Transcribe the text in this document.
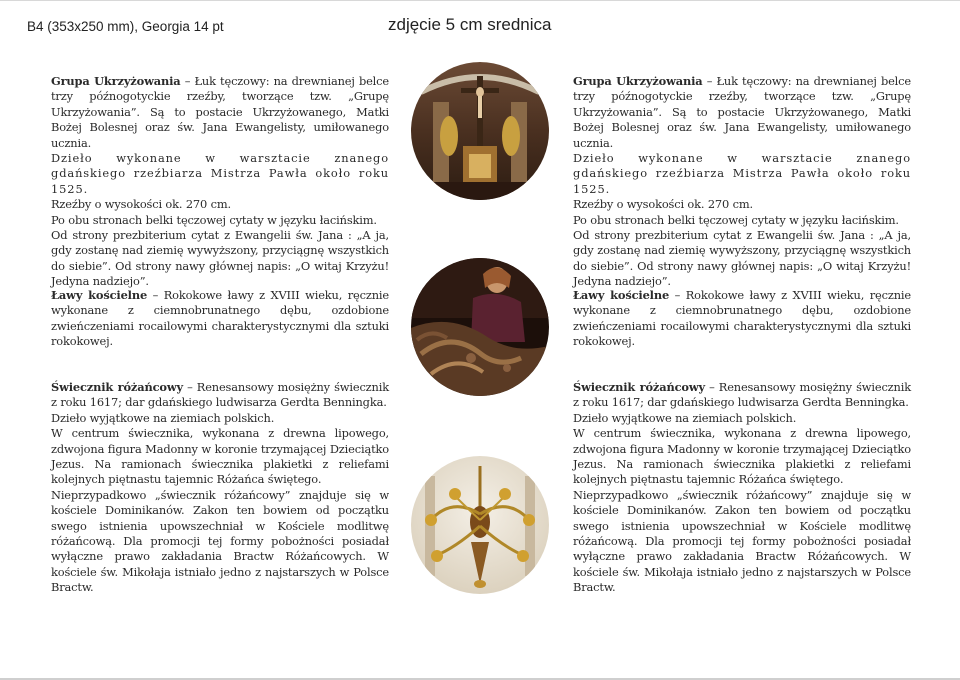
B4 (353x250 mm), Georgia 14 pt	zdjęcie 5 cm srednica

Grupa Ukrzyżowania – Łuk tęczowy: na drewnianej belce trzy późnogotyckie rzeźby, tworzące tzw. „Grupę Ukrzyżowania”. Są to postacie Ukrzyżowanego, Matki Bożej Bolesnej oraz św. Jana Ewangelisty, umiłowanego ucznia.

Dzieło wykonane w warsztacie znanego gdańskiego rzeźbiarza Mistrza Pawła około roku 1525.

Rzeźby o wysokości ok. 270 cm.

Po obu stronach belki tęczowej cytaty w języku łacińskim.

Od strony prezbiterium cytat z Ewangelii św. Jana : „A ja, gdy zostanę nad ziemię wywyższony, przyciągnę wszystkich do siebie”. Od strony nawy głównej napis: „O witaj Krzyżu! Jedyna nadziejo”.

Ławy kościelne – Rokokowe ławy z XVIII wieku, ręcznie wykonane z ciemnobrunatnego dębu, ozdobione zwieńczeniami rocailowymi charakterystycznymi dla sztuki rokokowej.

Świecznik różańcowy – Renesansowy mosiężny świecznik z roku 1617; dar gdańskiego ludwisarza Gerdta Benningka.

Dzieło wyjątkowe na ziemiach polskich.

W centrum świecznika, wykonana z drewna lipowego, zdwojona figura Madonny w koronie trzymającej Dzieciątko Jezus. Na ramionach świecznika plakietki z reliefami kolejnych piętnastu tajemnic Różańca świętego.

Nieprzypadkowo „świecznik różańcowy” znajduje się w kościele Dominikanów. Zakon ten bowiem od początku swego istnienia upowszechniał w Kościele modlitwę różańcową. Dla promocji tej formy pobożności posiadał wyłączne prawo zakładania Bractw Różańcowych. W kościele św. Mikołaja istniało jedno z najstarszych w Polsce Bractw.

Grupa Ukrzyżowania – Łuk tęczowy: na drewnianej belce trzy późnogotyckie rzeźby, tworzące tzw. „Grupę Ukrzyżowania”. Są to postacie Ukrzyżowanego, Matki Bożej Bolesnej oraz św. Jana Ewangelisty, umiłowanego ucznia.

Dzieło wykonane w warsztacie znanego gdańskiego rzeźbiarza Mistrza Pawła około roku 1525.

Rzeźby o wysokości ok. 270 cm.

Po obu stronach belki tęczowej cytaty w języku łacińskim.

Od strony prezbiterium cytat z Ewangelii św. Jana : „A ja, gdy zostanę nad ziemię wywyższony, przyciągnę wszystkich do siebie”. Od strony nawy głównej napis: „O witaj Krzyżu! Jedyna nadziejo”.

Ławy kościelne – Rokokowe ławy z XVIII wieku, ręcznie wykonane z ciemnobrunatnego dębu, ozdobione zwieńczeniami rocailowymi charakterystycznymi dla sztuki rokokowej.

Świecznik różańcowy – Renesansowy mosiężny świecznik z roku 1617; dar gdańskiego ludwisarza Gerdta Benningka.

Dzieło wyjątkowe na ziemiach polskich.

W centrum świecznika, wykonana z drewna lipowego, zdwojona figura Madonny w koronie trzymającej Dzieciątko Jezus. Na ramionach świecznika plakietki z reliefami kolejnych piętnastu tajemnic Różańca świętego.

Nieprzypadkowo „świecznik różańcowy” znajduje się w kościele Dominikanów. Zakon ten bowiem od początku swego istnienia upowszechniał w Kościele modlitwę różańcową. Dla promocji tej formy pobożności posiadał wyłączne prawo zakładania Bractw Różańcowych. W kościele św. Mikołaja istniało jedno z najstarszych w Polsce Bractw.
